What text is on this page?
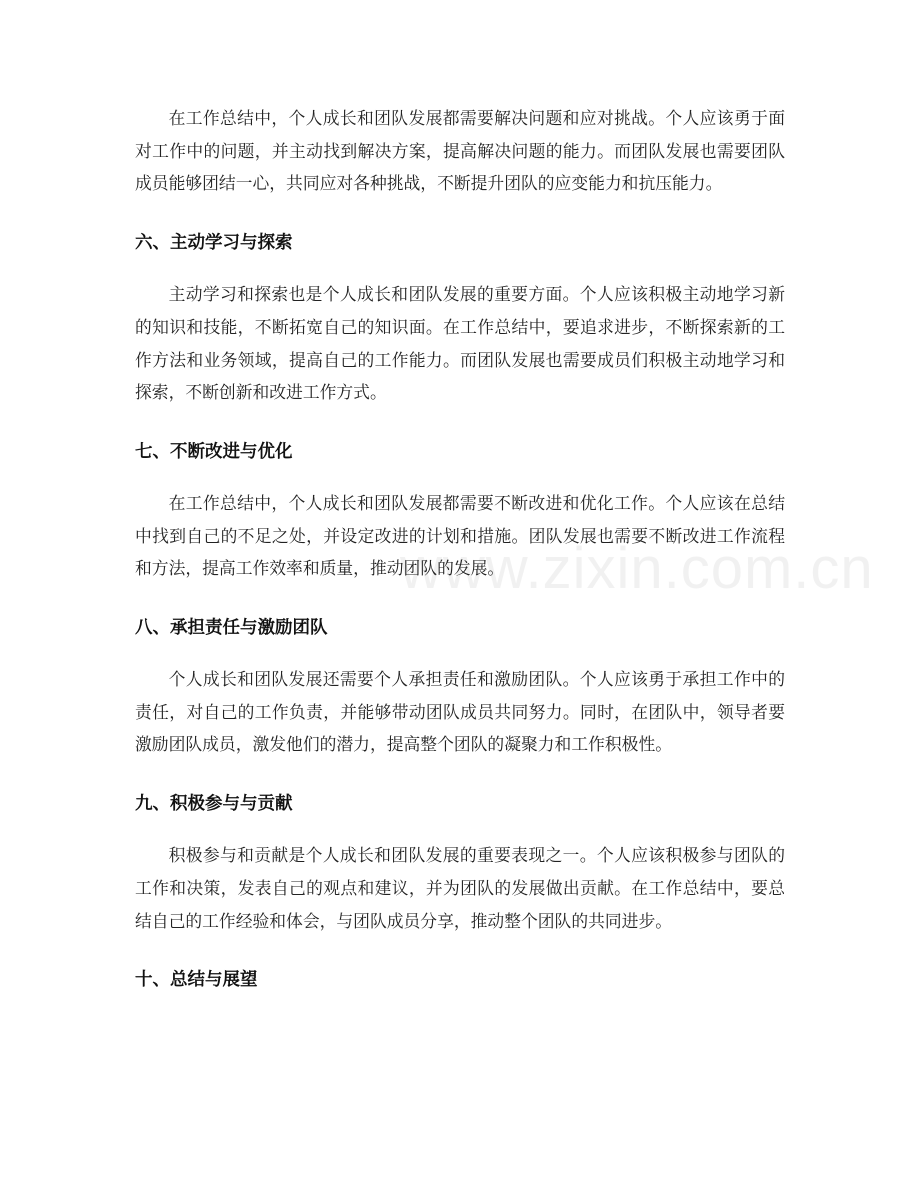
www.zixin.com.cn

在工作总结中，个人成长和团队发展都需要解决问题和应对挑战。个人应该勇于面对工作中的问题，并主动找到解决方案，提高解决问题的能力。而团队发展也需要团队成员能够团结一心，共同应对各种挑战，不断提升团队的应变能力和抗压能力。

六、主动学习与探索

主动学习和探索也是个人成长和团队发展的重要方面。个人应该积极主动地学习新的知识和技能，不断拓宽自己的知识面。在工作总结中，要追求进步，不断探索新的工作方法和业务领域，提高自己的工作能力。而团队发展也需要成员们积极主动地学习和探索，不断创新和改进工作方式。

七、不断改进与优化

在工作总结中，个人成长和团队发展都需要不断改进和优化工作。个人应该在总结中找到自己的不足之处，并设定改进的计划和措施。团队发展也需要不断改进工作流程和方法，提高工作效率和质量，推动团队的发展。

八、承担责任与激励团队

个人成长和团队发展还需要个人承担责任和激励团队。个人应该勇于承担工作中的责任，对自己的工作负责，并能够带动团队成员共同努力。同时，在团队中，领导者要激励团队成员，激发他们的潜力，提高整个团队的凝聚力和工作积极性。

九、积极参与与贡献

积极参与和贡献是个人成长和团队发展的重要表现之一。个人应该积极参与团队的工作和决策，发表自己的观点和建议，并为团队的发展做出贡献。在工作总结中，要总结自己的工作经验和体会，与团队成员分享，推动整个团队的共同进步。

十、总结与展望
